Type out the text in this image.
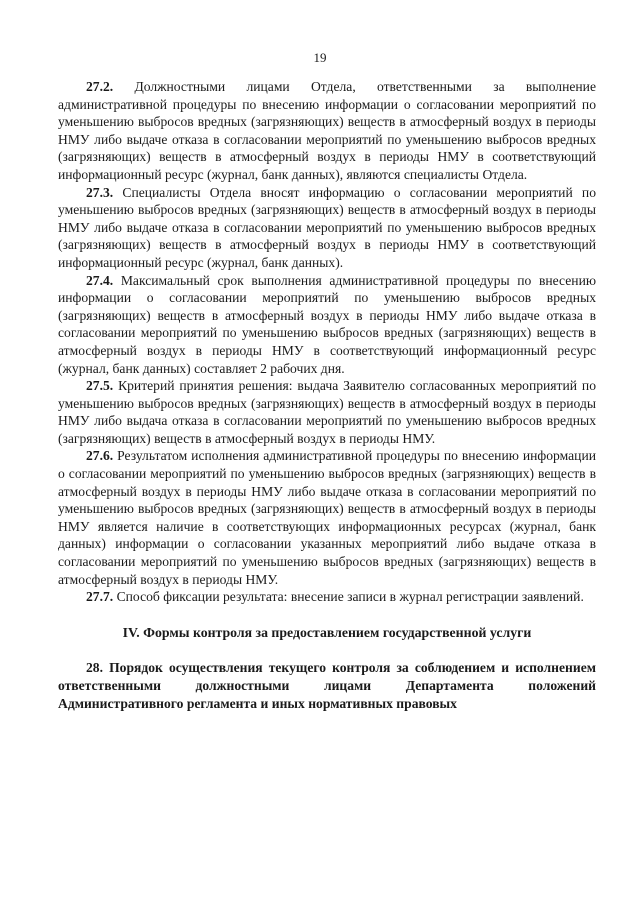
19

27.2. Должностными лицами Отдела, ответственными за выполнение административной процедуры по внесению информации о согласовании мероприятий по уменьшению выбросов вредных (загрязняющих) веществ в атмосферный воздух в периоды НМУ либо выдаче отказа в согласовании мероприятий по уменьшению выбросов вредных (загрязняющих) веществ в атмосферный воздух в периоды НМУ в соответствующий информационный ресурс (журнал, банк данных), являются специалисты Отдела.

27.3. Специалисты Отдела вносят информацию о согласовании мероприятий по уменьшению выбросов вредных (загрязняющих) веществ в атмосферный воздух в периоды НМУ либо выдаче отказа в согласовании мероприятий по уменьшению выбросов вредных (загрязняющих) веществ в атмосферный воздух в периоды НМУ в соответствующий информационный ресурс (журнал, банк данных).

27.4. Максимальный срок выполнения административной процедуры по внесению информации о согласовании мероприятий по уменьшению выбросов вредных (загрязняющих) веществ в атмосферный воздух в периоды НМУ либо выдаче отказа в согласовании мероприятий по уменьшению выбросов вредных (загрязняющих) веществ в атмосферный воздух в периоды НМУ в соответствующий информационный ресурс (журнал, банк данных) составляет 2 рабочих дня.

27.5. Критерий принятия решения: выдача Заявителю согласованных мероприятий по уменьшению выбросов вредных (загрязняющих) веществ в атмосферный воздух в периоды НМУ либо выдача отказа в согласовании мероприятий по уменьшению выбросов вредных (загрязняющих) веществ в атмосферный воздух в периоды НМУ.

27.6. Результатом исполнения административной процедуры по внесению информации о согласовании мероприятий по уменьшению выбросов вредных (загрязняющих) веществ в атмосферный воздух в периоды НМУ либо выдаче отказа в согласовании мероприятий по уменьшению выбросов вредных (загрязняющих) веществ в атмосферный воздух в периоды НМУ является наличие в соответствующих информационных ресурсах (журнал, банк данных) информации о согласовании указанных мероприятий либо выдаче отказа в согласовании мероприятий по уменьшению выбросов вредных (загрязняющих) веществ в атмосферный воздух в периоды НМУ.

27.7. Способ фиксации результата: внесение записи в журнал регистрации заявлений.

IV. Формы контроля за предоставлением государственной услуги

28. Порядок осуществления текущего контроля за соблюдением и исполнением ответственными должностными лицами Департамента положений Административного регламента и иных нормативных правовых
